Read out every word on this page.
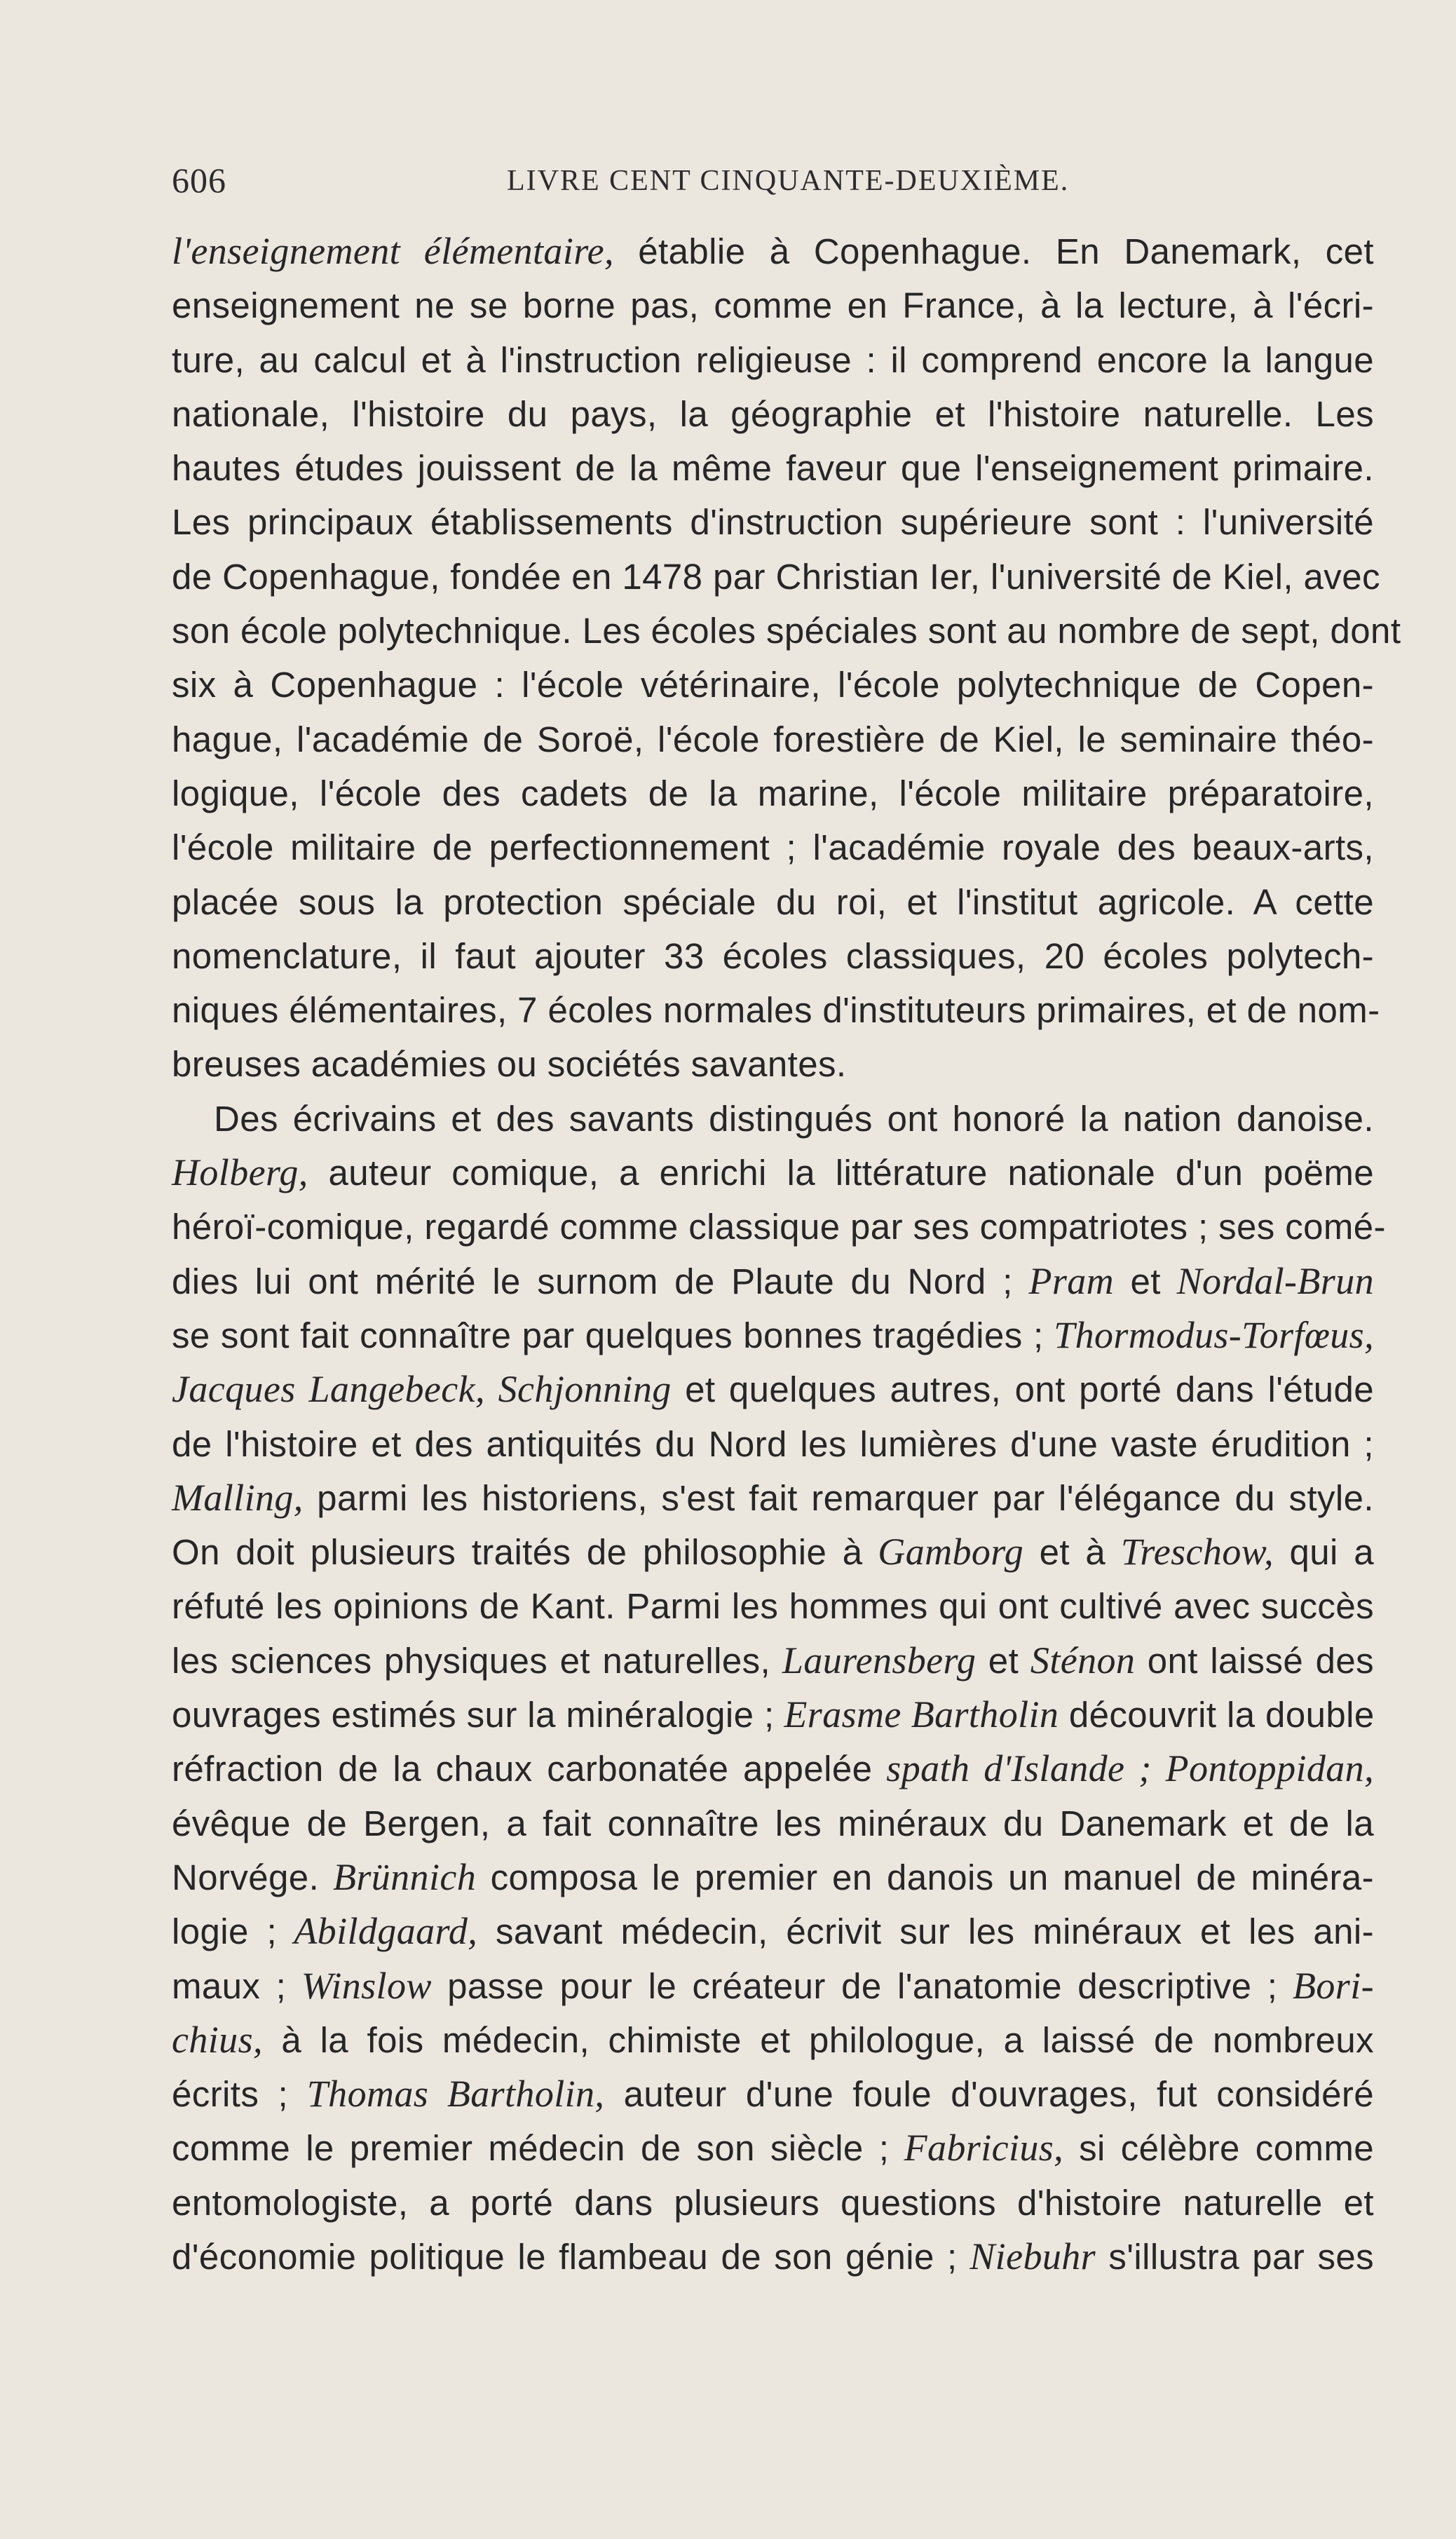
606	LIVRE CENT CINQUANTE-DEUXIÈME.
l'enseignement élémentaire, établie à Copenhague. En Danemark, cet
enseignement ne se borne pas, comme en France, à la lecture, à l'écri-
ture, au calcul et à l'instruction religieuse : il comprend encore la langue
nationale, l'histoire du pays, la géographie et l'histoire naturelle. Les
hautes études jouissent de la même faveur que l'enseignement primaire.
Les principaux établissements d'instruction supérieure sont : l'université
de Copenhague, fondée en 1478 par Christian Ier, l'université de Kiel, avec
son école polytechnique. Les écoles spéciales sont au nombre de sept, dont
six à Copenhague : l'école vétérinaire, l'école polytechnique de Copen-
hague, l'académie de Soroë, l'école forestière de Kiel, le seminaire théo-
logique, l'école des cadets de la marine, l'école militaire préparatoire,
l'école militaire de perfectionnement ; l'académie royale des beaux-arts,
placée sous la protection spéciale du roi, et l'institut agricole. A cette
nomenclature, il faut ajouter 33 écoles classiques, 20 écoles polytech-
niques élémentaires, 7 écoles normales d'instituteurs primaires, et de nom-
breuses académies ou sociétés savantes.
Des écrivains et des savants distingués ont honoré la nation danoise.
Holberg, auteur comique, a enrichi la littérature nationale d'un poëme
héroï-comique, regardé comme classique par ses compatriotes ; ses comé-
dies lui ont mérité le surnom de Plaute du Nord ; Pram et Nordal-Brun
se sont fait connaître par quelques bonnes tragédies ; Thormodus-Torfœus,
Jacques Langebeck, Schjonning et quelques autres, ont porté dans l'étude
de l'histoire et des antiquités du Nord les lumières d'une vaste érudition ;
Malling, parmi les historiens, s'est fait remarquer par l'élégance du style.
On doit plusieurs traités de philosophie à Gamborg et à Treschow, qui a
réfuté les opinions de Kant. Parmi les hommes qui ont cultivé avec succès
les sciences physiques et naturelles, Laurensberg et Sténon ont laissé des
ouvrages estimés sur la minéralogie ; Erasme Bartholin découvrit la double
réfraction de la chaux carbonatée appelée spath d'Islande ; Pontoppidan,
évêque de Bergen, a fait connaître les minéraux du Danemark et de la
Norvége. Brünnich composa le premier en danois un manuel de minéra-
logie ; Abildgaard, savant médecin, écrivit sur les minéraux et les ani-
maux ; Winslow passe pour le créateur de l'anatomie descriptive ; Bori-
chius, à la fois médecin, chimiste et philologue, a laissé de nombreux
écrits ; Thomas Bartholin, auteur d'une foule d'ouvrages, fut considéré
comme le premier médecin de son siècle ; Fabricius, si célèbre comme
entomologiste, a porté dans plusieurs questions d'histoire naturelle et
d'économie politique le flambeau de son génie ; Niebuhr s'illustra par ses
